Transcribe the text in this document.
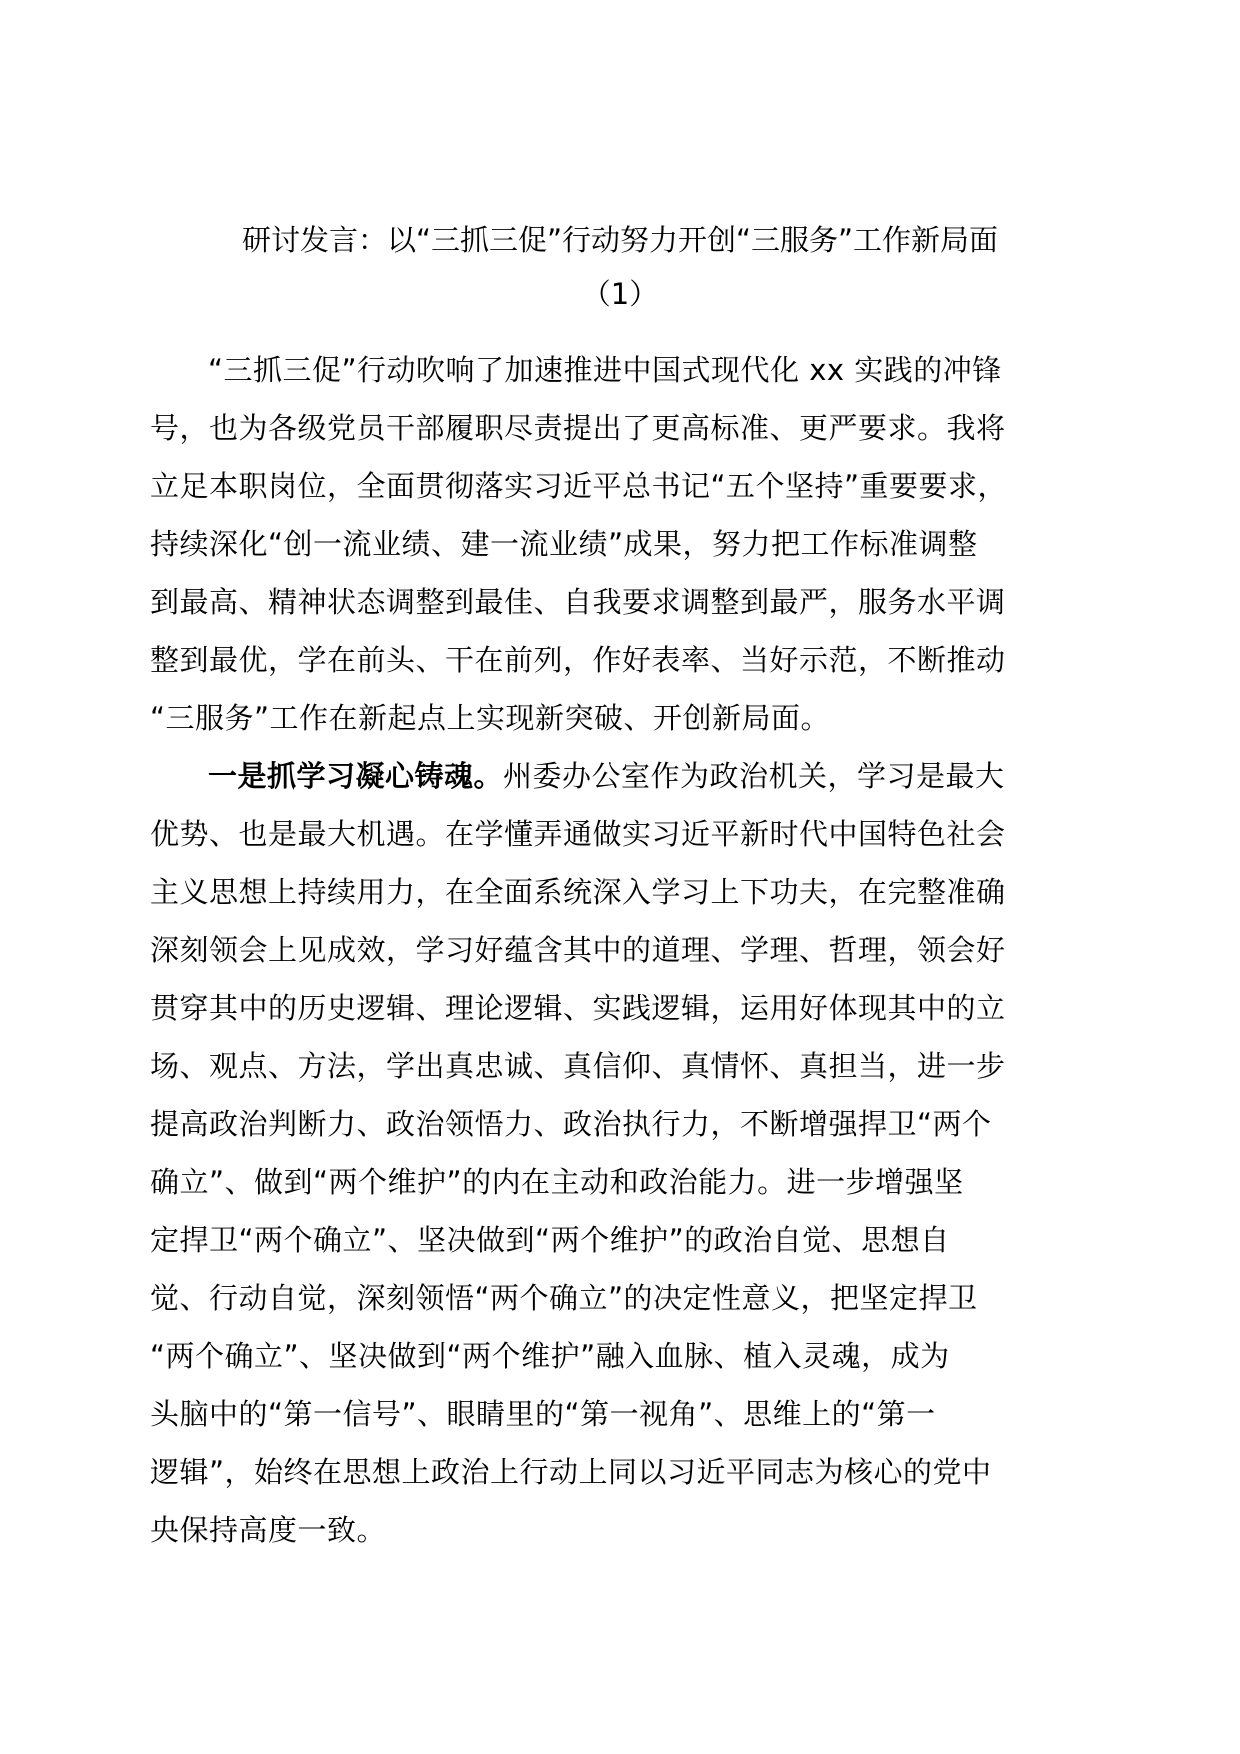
研讨发言：以“三抓三促”行动努力开创“三服务”工作新局面
（1）
“三抓三促”行动吹响了加速推进中国式现代化 xx 实践的冲锋
号，也为各级党员干部履职尽责提出了更高标准、更严要求。我将
立足本职岗位，全面贯彻落实习近平总书记“五个坚持”重要要求，
持续深化“创一流业绩、建一流业绩”成果，努力把工作标准调整
到最高、精神状态调整到最佳、自我要求调整到最严，服务水平调
整到最优，学在前头、干在前列，作好表率、当好示范，不断推动
“三服务”工作在新起点上实现新突破、开创新局面。
一是抓学习凝心铸魂。州委办公室作为政治机关，学习是最大
优势、也是最大机遇。在学懂弄通做实习近平新时代中国特色社会
主义思想上持续用力，在全面系统深入学习上下功夫，在完整准确
深刻领会上见成效，学习好蕴含其中的道理、学理、哲理，领会好
贯穿其中的历史逻辑、理论逻辑、实践逻辑，运用好体现其中的立
场、观点、方法，学出真忠诚、真信仰、真情怀、真担当，进一步
提高政治判断力、政治领悟力、政治执行力，不断增强捍卫“两个
确立”、做到“两个维护”的内在主动和政治能力。进一步增强坚
定捍卫“两个确立”、坚决做到“两个维护”的政治自觉、思想自
觉、行动自觉，深刻领悟“两个确立”的决定性意义，把坚定捍卫
“两个确立”、坚决做到“两个维护”融入血脉、植入灵魂，成为
头脑中的“第一信号”、眼睛里的“第一视角”、思维上的“第一
逻辑”，始终在思想上政治上行动上同以习近平同志为核心的党中
央保持高度一致。
